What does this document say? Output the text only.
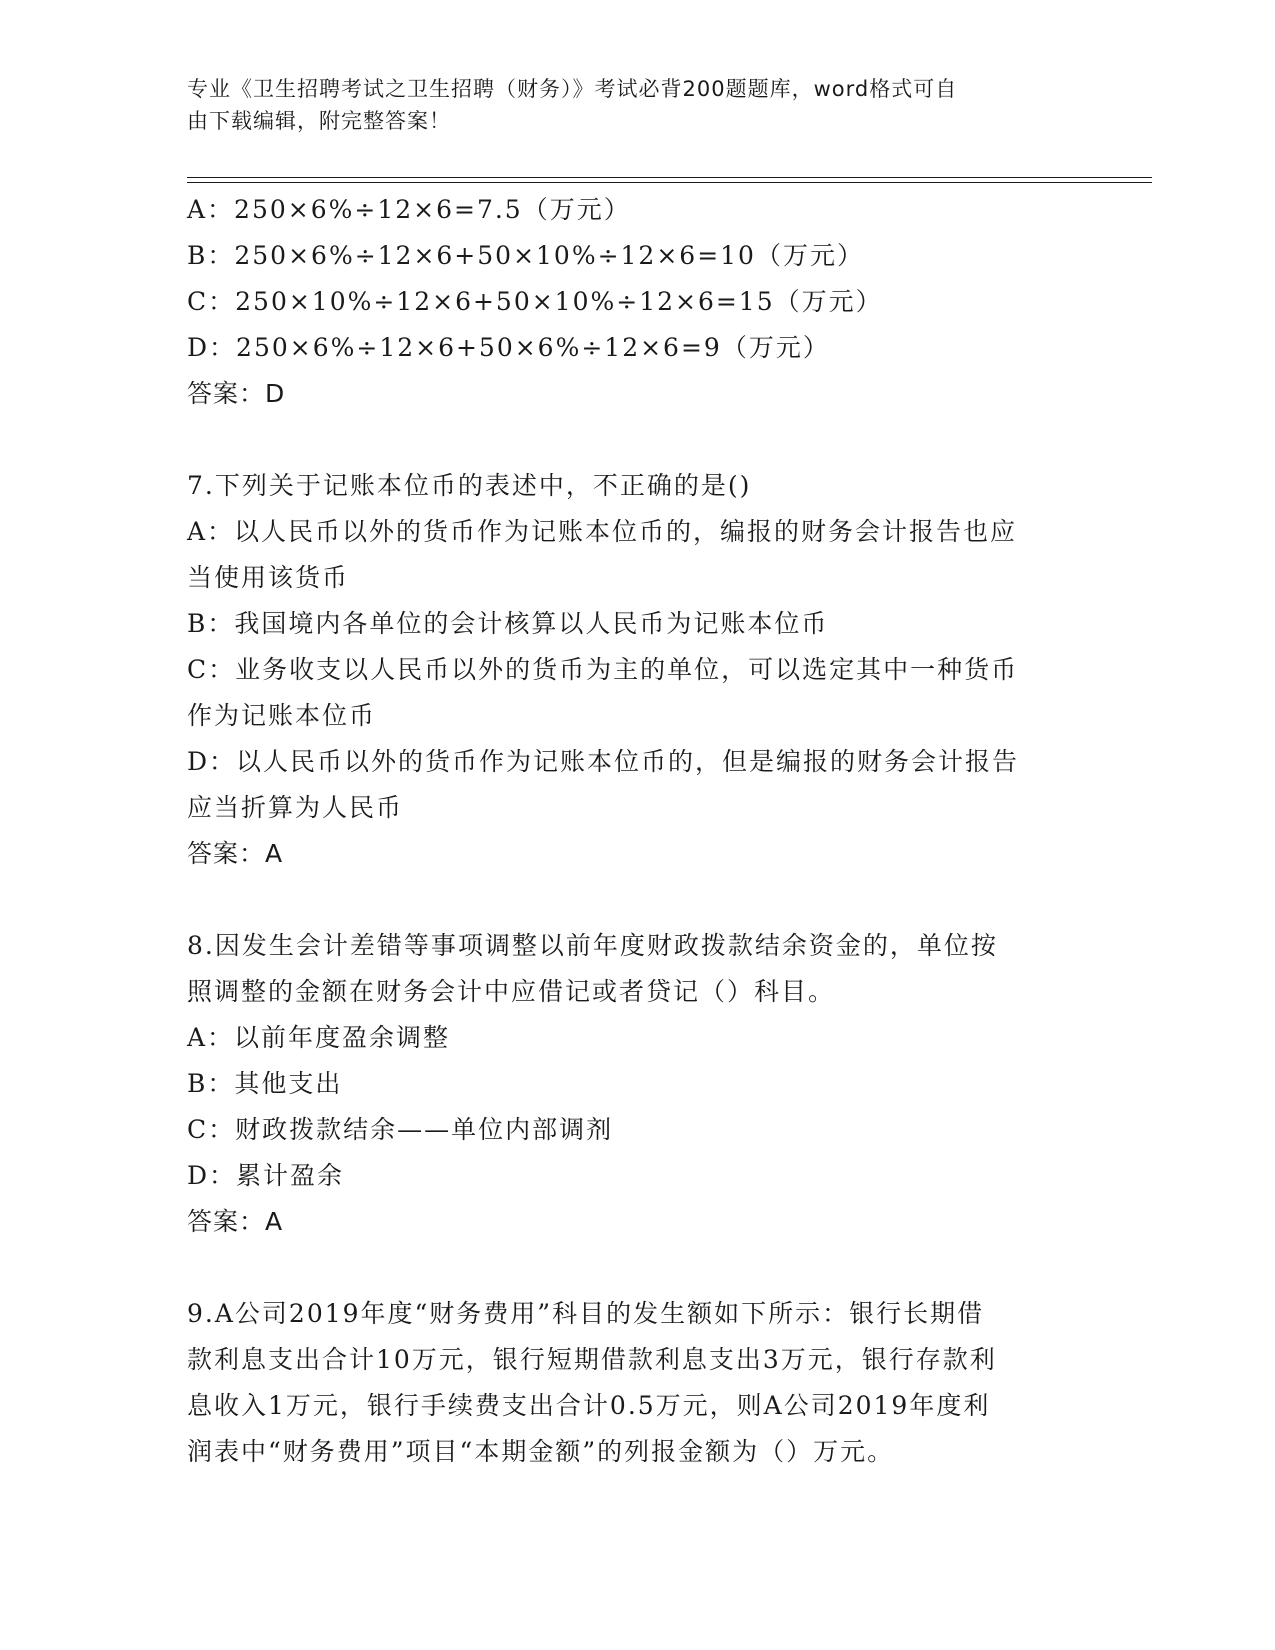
专业《卫生招聘考试之卫生招聘（财务）》考试必背200题题库，word格式可自
由下载编辑，附完整答案！

A：250×6%÷12×6=7.5（万元）

B：250×6%÷12×6+50×10%÷12×6=10（万元）

C：250×10%÷12×6+50×10%÷12×6=15（万元）

D：250×6%÷12×6+50×6%÷12×6=9（万元）

答案：D

7.下列关于记账本位币的表述中，不正确的是()

A：以人民币以外的货币作为记账本位币的，编报的财务会计报告也应

当使用该货币

B：我国境内各单位的会计核算以人民币为记账本位币

C：业务收支以人民币以外的货币为主的单位，可以选定其中一种货币

作为记账本位币

D：以人民币以外的货币作为记账本位币的，但是编报的财务会计报告

应当折算为人民币

答案：A

8.因发生会计差错等事项调整以前年度财政拨款结余资金的，单位按

照调整的金额在财务会计中应借记或者贷记（）科目。

A：以前年度盈余调整

B：其他支出

C：财政拨款结余——单位内部调剂

D：累计盈余

答案：A

9.A公司2019年度“财务费用”科目的发生额如下所示：银行长期借

款利息支出合计10万元，银行短期借款利息支出3万元，银行存款利

息收入1万元，银行手续费支出合计0.5万元，则A公司2019年度利

润表中“财务费用”项目“本期金额”的列报金额为（）万元。
